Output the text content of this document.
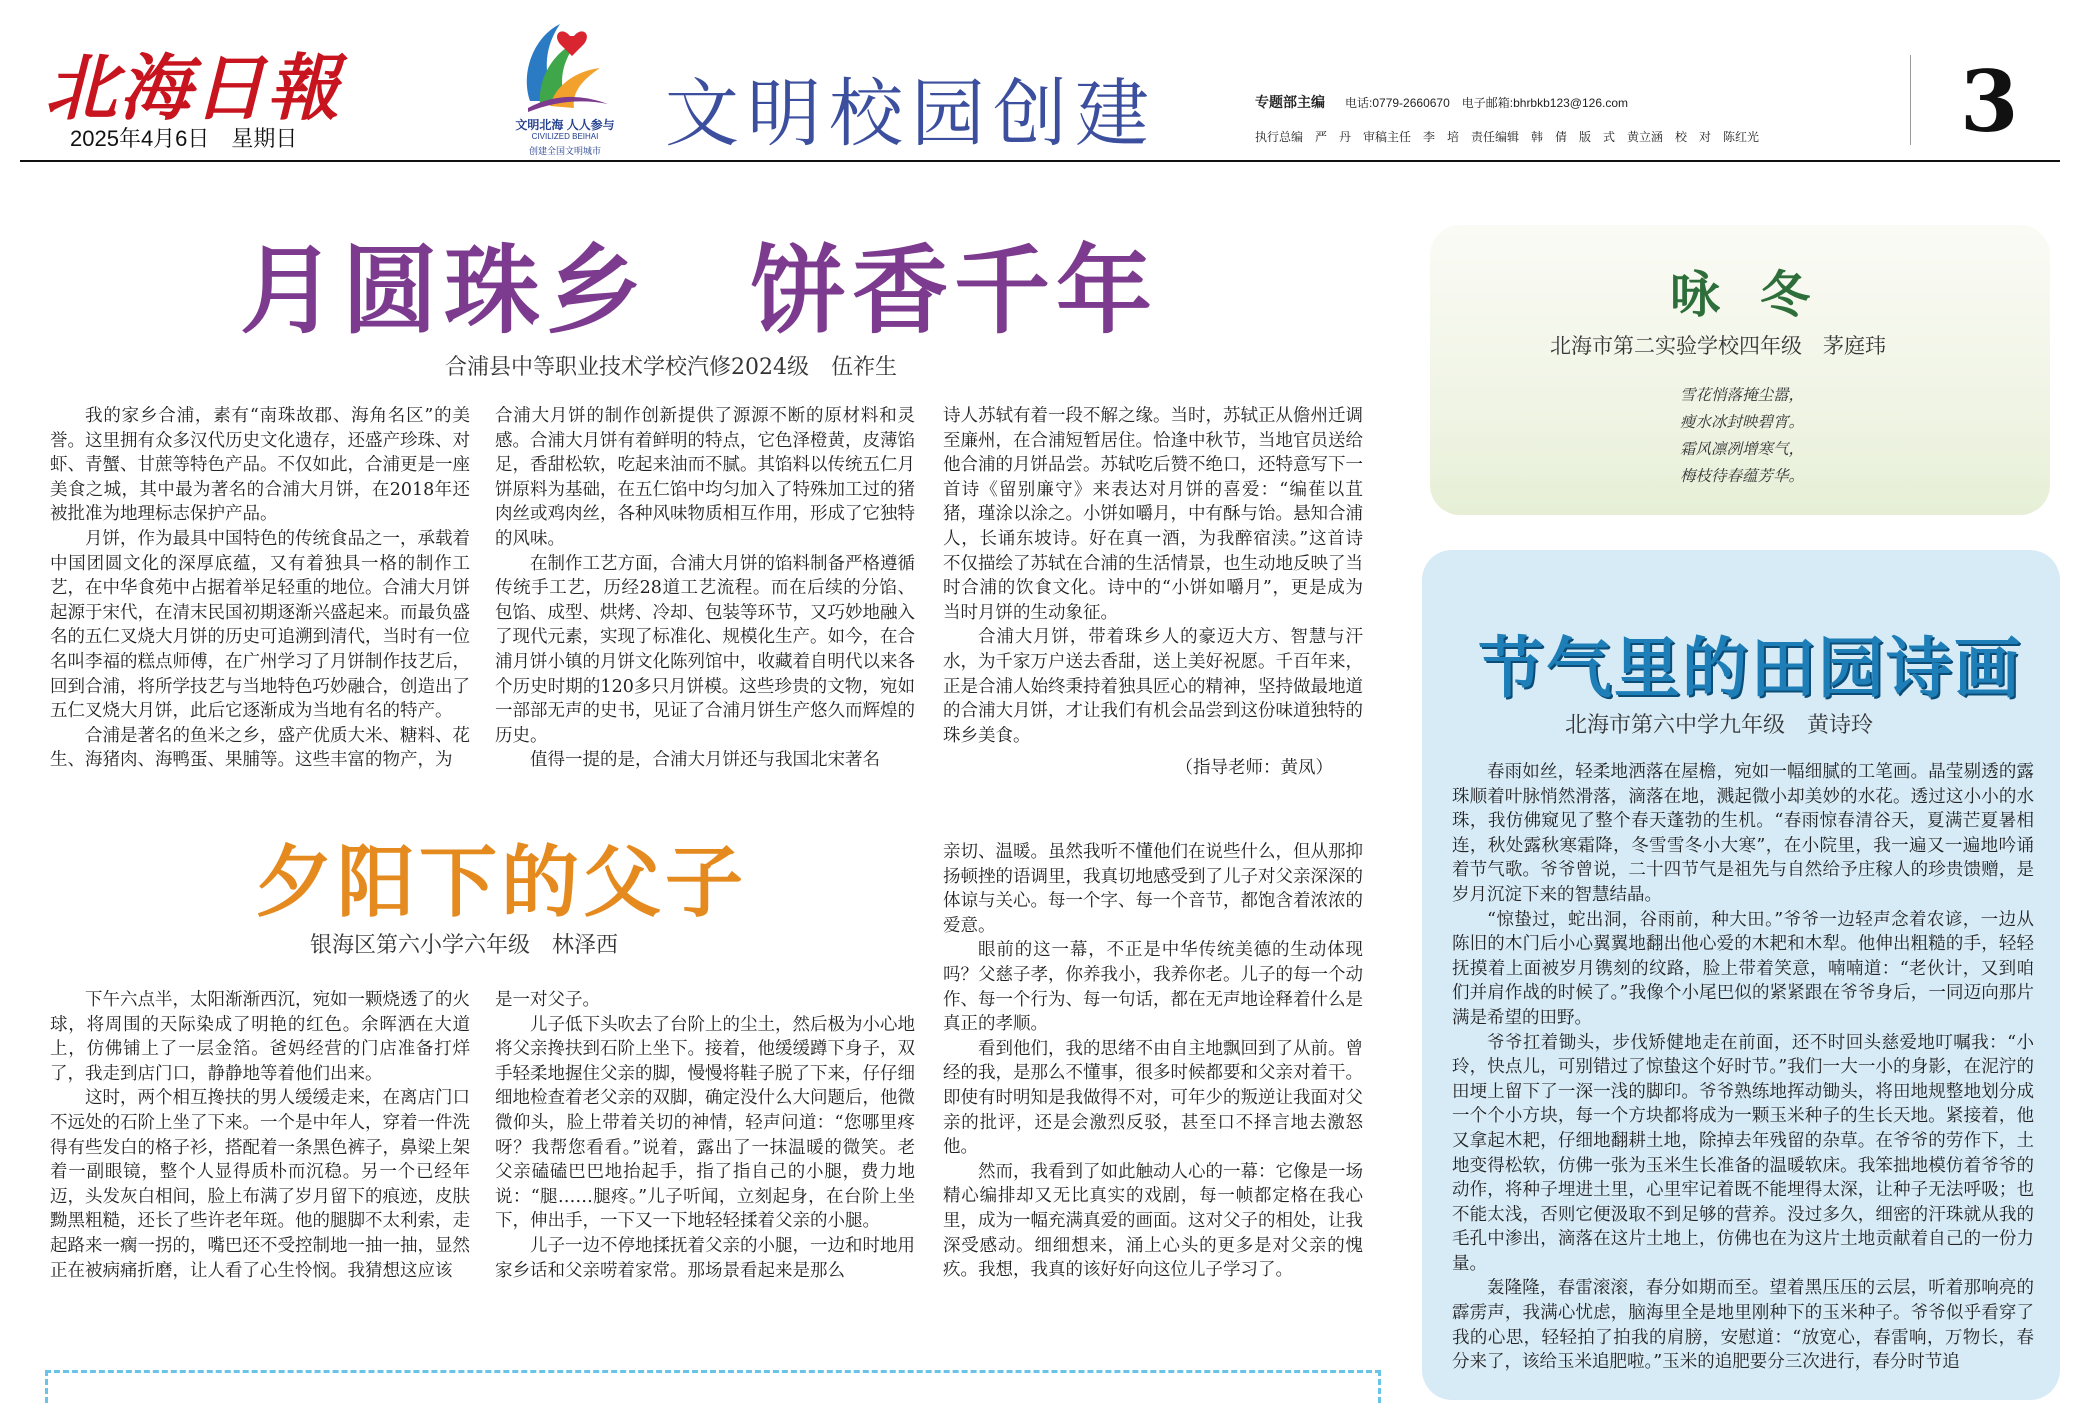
北海日報
2025年4月6日　星期日
文明北海 人人参与
CIVILIZED BEIHAI
创建全国文明城市 文明校园创建	专题部主编 电话:0779-2660670　电子邮箱:bhrbkb123@126.com
执行总编　严　丹　审稿主任　李　培　责任编辑　韩　倩　版　式　黄立涵　校　对　陈红光 3
月圆珠乡　饼香千年
合浦县中等职业技术学校汽修2024级　伍祚生

我的家乡合浦，素有“南珠故郡、海角名区”的美誉。这里拥有众多汉代历史文化遗存，还盛产珍珠、对虾、青蟹、甘蔗等特色产品。不仅如此，合浦更是一座美食之城，其中最为著名的合浦大月饼，在2018年还被批准为地理标志保护产品。

月饼，作为最具中国特色的传统食品之一，承载着中国团圆文化的深厚底蕴，又有着独具一格的制作工艺，在中华食苑中占据着举足轻重的地位。合浦大月饼起源于宋代，在清末民国初期逐渐兴盛起来。而最负盛名的五仁叉烧大月饼的历史可追溯到清代，当时有一位名叫李福的糕点师傅，在广州学习了月饼制作技艺后，回到合浦，将所学技艺与当地特色巧妙融合，创造出了五仁叉烧大月饼，此后它逐渐成为当地有名的特产。

合浦是著名的鱼米之乡，盛产优质大米、糖料、花生、海猪肉、海鸭蛋、果脯等。这些丰富的物产，为

合浦大月饼的制作创新提供了源源不断的原材料和灵感。合浦大月饼有着鲜明的特点，它色泽橙黄，皮薄馅足，香甜松软，吃起来油而不腻。其馅料以传统五仁月饼原料为基础，在五仁馅中均匀加入了特殊加工过的猪肉丝或鸡肉丝，各种风味物质相互作用，形成了它独特的风味。

在制作工艺方面，合浦大月饼的馅料制备严格遵循传统手工艺，历经28道工艺流程。而在后续的分馅、包馅、成型、烘烤、冷却、包装等环节，又巧妙地融入了现代元素，实现了标准化、规模化生产。如今，在合浦月饼小镇的月饼文化陈列馆中，收藏着自明代以来各个历史时期的120多只月饼模。这些珍贵的文物，宛如一部部无声的史书，见证了合浦月饼生产悠久而辉煌的历史。

值得一提的是，合浦大月饼还与我国北宋著名

诗人苏轼有着一段不解之缘。当时，苏轼正从儋州迁调至廉州，在合浦短暂居住。恰逢中秋节，当地官员送给他合浦的月饼品尝。苏轼吃后赞不绝口，还特意写下一首诗《留别廉守》来表达对月饼的喜爱：“编萑以苴猪，瑾涂以涂之。小饼如嚼月，中有酥与饴。悬知合浦人，长诵东坡诗。好在真一酒，为我醉宿渎。”这首诗不仅描绘了苏轼在合浦的生活情景，也生动地反映了当时合浦的饮食文化。诗中的“小饼如嚼月”，更是成为当时月饼的生动象征。

合浦大月饼，带着珠乡人的豪迈大方、智慧与汗水，为千家万户送去香甜，送上美好祝愿。千百年来，正是合浦人始终秉持着独具匠心的精神，坚持做最地道的合浦大月饼，才让我们有机会品尝到这份味道独特的珠乡美食。

（指导老师：黄凤）

夕阳下的父子
银海区第六小学六年级　林泽西

下午六点半，太阳渐渐西沉，宛如一颗烧透了的火球，将周围的天际染成了明艳的红色。余晖洒在大道上，仿佛铺上了一层金箔。爸妈经营的门店准备打烊了，我走到店门口，静静地等着他们出来。

这时，两个相互搀扶的男人缓缓走来，在离店门口不远处的石阶上坐了下来。一个是中年人，穿着一件洗得有些发白的格子衫，搭配着一条黑色裤子，鼻梁上架着一副眼镜，整个人显得质朴而沉稳。另一个已经年迈，头发灰白相间，脸上布满了岁月留下的痕迹，皮肤黝黑粗糙，还长了些许老年斑。他的腿脚不太利索，走起路来一瘸一拐的，嘴巴还不受控制地一抽一抽，显然正在被病痛折磨，让人看了心生怜悯。我猜想这应该

是一对父子。

儿子低下头吹去了台阶上的尘土，然后极为小心地将父亲搀扶到石阶上坐下。接着，他缓缓蹲下身子，双手轻柔地握住父亲的脚，慢慢将鞋子脱了下来，仔仔细细地检查着老父亲的双脚，确定没什么大问题后，他微微仰头，脸上带着关切的神情，轻声问道：“您哪里疼呀？我帮您看看。”说着，露出了一抹温暖的微笑。老父亲磕磕巴巴地抬起手，指了指自己的小腿，费力地说：“腿……腿疼。”儿子听闻，立刻起身，在台阶上坐下，伸出手，一下又一下地轻轻揉着父亲的小腿。

儿子一边不停地揉抚着父亲的小腿，一边和时地用家乡话和父亲唠着家常。那场景看起来是那么

亲切、温暖。虽然我听不懂他们在说些什么，但从那抑扬顿挫的语调里，我真切地感受到了儿子对父亲深深的体谅与关心。每一个字、每一个音节，都饱含着浓浓的爱意。

眼前的这一幕，不正是中华传统美德的生动体现吗？父慈子孝，你养我小，我养你老。儿子的每一个动作、每一个行为、每一句话，都在无声地诠释着什么是真正的孝顺。

看到他们，我的思绪不由自主地飘回到了从前。曾经的我，是那么不懂事，很多时候都要和父亲对着干。即使有时明知是我做得不对，可年少的叛逆让我面对父亲的批评，还是会激烈反驳，甚至口不择言地去激怒他。

然而，我看到了如此触动人心的一幕：它像是一场精心编排却又无比真实的戏剧，每一帧都定格在我心里，成为一幅充满真爱的画面。这对父子的相处，让我深受感动。细细想来，涌上心头的更多是对父亲的愧疚。我想，我真的该好好向这位儿子学习了。

咏冬
北海市第二实验学校四年级　茅庭玮
雪花悄落掩尘嚣，
瘦水冰封映碧宵。
霜风凛冽增寒气，
梅枝待春蕴芳华。
节气里的田园诗画
北海市第六中学九年级　黄诗玲

春雨如丝，轻柔地洒落在屋檐，宛如一幅细腻的工笔画。晶莹剔透的露珠顺着叶脉悄然滑落，滴落在地，溅起微小却美妙的水花。透过这小小的水珠，我仿佛窥见了整个春天蓬勃的生机。“春雨惊春清谷天，夏满芒夏暑相连，秋处露秋寒霜降，冬雪雪冬小大寒”，在小院里，我一遍又一遍地吟诵着节气歌。爷爷曾说，二十四节气是祖先与自然给予庄稼人的珍贵馈赠，是岁月沉淀下来的智慧结晶。

“惊蛰过，蛇出洞，谷雨前，种大田。”爷爷一边轻声念着农谚，一边从陈旧的木门后小心翼翼地翻出他心爱的木耙和木犁。他伸出粗糙的手，轻轻抚摸着上面被岁月镌刻的纹路，脸上带着笑意，喃喃道：“老伙计，又到咱们并肩作战的时候了。”我像个小尾巴似的紧紧跟在爷爷身后，一同迈向那片满是希望的田野。

爷爷扛着锄头，步伐矫健地走在前面，还不时回头慈爱地叮嘱我：“小玲，快点儿，可别错过了惊蛰这个好时节。”我们一大一小的身影，在泥泞的田埂上留下了一深一浅的脚印。爷爷熟练地挥动锄头，将田地规整地划分成一个个小方块，每一个方块都将成为一颗玉米种子的生长天地。紧接着，他又拿起木耙，仔细地翻耕土地，除掉去年残留的杂草。在爷爷的劳作下，土地变得松软，仿佛一张为玉米生长准备的温暖软床。我笨拙地模仿着爷爷的动作，将种子埋进土里，心里牢记着既不能埋得太深，让种子无法呼吸；也不能太浅，否则它便汲取不到足够的营养。没过多久，细密的汗珠就从我的毛孔中渗出，滴落在这片土地上，仿佛也在为这片土地贡献着自己的一份力量。

轰隆隆，春雷滚滚，春分如期而至。望着黑压压的云层，听着那响亮的霹雳声，我满心忧虑，脑海里全是地里刚种下的玉米种子。爷爷似乎看穿了我的心思，轻轻拍了拍我的肩膀，安慰道：“放宽心，春雷响，万物长，春分来了，该给玉米追肥啦。”玉米的追肥要分三次进行，春分时节追
